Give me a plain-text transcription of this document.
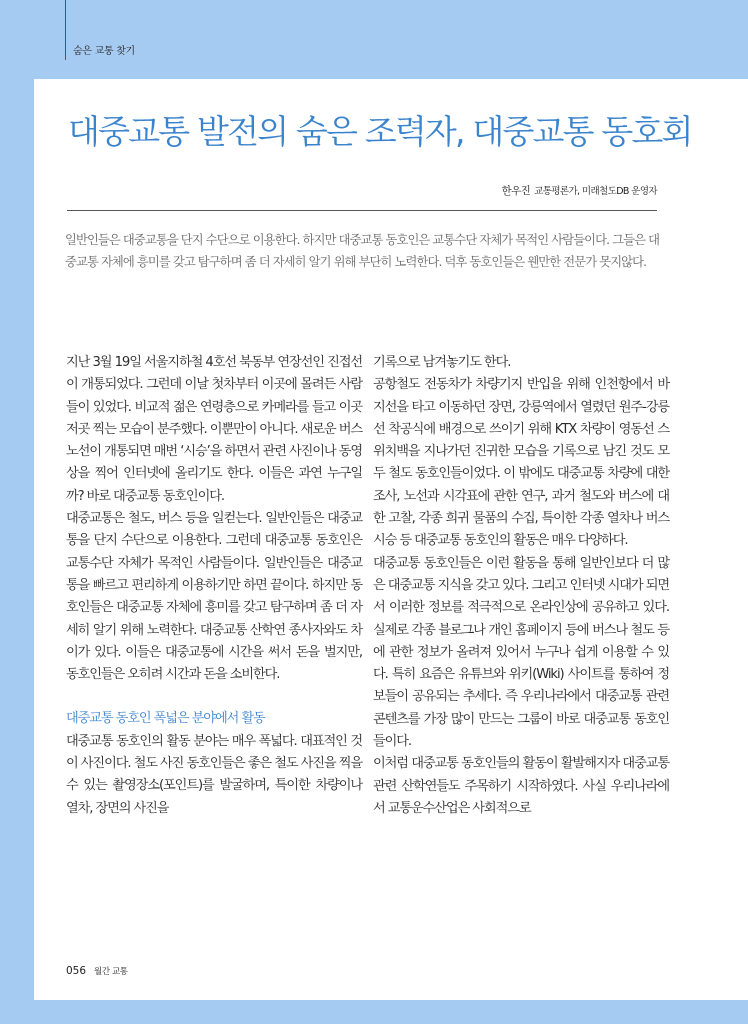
숨은 교통 찾기
대중교통 발전의 숨은 조력자, 대중교통 동호회
한우진 교통평론가, 미래철도DB 운영자

일반인들은 대중교통을 단지 수단으로 이용한다. 하지만 대중교통 동호인은 교통수단 자체가 목적인 사람들이다. 그들은 대중교통 자체에 흥미를 갖고 탐구하며 좀 더 자세히 알기 위해 부단히 노력한다. 덕후 동호인들은 웬만한 전문가 못지않다.

지난 3월 19일 서울지하철 4호선 북동부 연장선인 진접선이 개통되었다. 그런데 이날 첫차부터 이곳에 몰려든 사람들이 있었다. 비교적 젊은 연령층으로 카메라를 들고 이곳저곳 찍는 모습이 분주했다. 이뿐만이 아니다. 새로운 버스 노선이 개통되면 매번 ‘시승’을 하면서 관련 사진이나 동영상을 찍어 인터넷에 올리기도 한다. 이들은 과연 누구일까? 바로 대중교통 동호인이다.

대중교통은 철도, 버스 등을 일컫는다. 일반인들은 대중교통을 단지 수단으로 이용한다. 그런데 대중교통 동호인은 교통수단 자체가 목적인 사람들이다. 일반인들은 대중교통을 빠르고 편리하게 이용하기만 하면 끝이다. 하지만 동호인들은 대중교통 자체에 흥미를 갖고 탐구하며 좀 더 자세히 알기 위해 노력한다. 대중교통 산학연 종사자와도 차이가 있다. 이들은 대중교통에 시간을 써서 돈을 벌지만, 동호인들은 오히려 시간과 돈을 소비한다.

대중교통 동호인 폭넓은 분야에서 활동

대중교통 동호인의 활동 분야는 매우 폭넓다. 대표적인 것이 사진이다. 철도 사진 동호인들은 좋은 철도 사진을 찍을 수 있는 촬영장소(포인트)를 발굴하며, 특이한 차량이나 열차, 장면의 사진을

기록으로 남겨놓기도 한다.

공항철도 전동차가 차량기지 반입을 위해 인천항에서 바지선을 타고 이동하던 장면, 강릉역에서 열렸던 원주-강릉선 착공식에 배경으로 쓰이기 위해 KTX 차량이 영동선 스위치백을 지나가던 진귀한 모습을 기록으로 남긴 것도 모두 철도 동호인들이었다. 이 밖에도 대중교통 차량에 대한 조사, 노선과 시각표에 관한 연구, 과거 철도와 버스에 대한 고찰, 각종 희귀 물품의 수집, 특이한 각종 열차나 버스 시승 등 대중교통 동호인의 활동은 매우 다양하다.

대중교통 동호인들은 이런 활동을 통해 일반인보다 더 많은 대중교통 지식을 갖고 있다. 그리고 인터넷 시대가 되면서 이러한 정보를 적극적으로 온라인상에 공유하고 있다. 실제로 각종 블로그나 개인 홈페이지 등에 버스나 철도 등에 관한 정보가 올려져 있어서 누구나 쉽게 이용할 수 있다. 특히 요즘은 유튜브와 위키(Wiki) 사이트를 통하여 정보들이 공유되는 추세다. 즉 우리나라에서 대중교통 관련 콘텐츠를 가장 많이 만드는 그룹이 바로 대중교통 동호인들이다.

이처럼 대중교통 동호인들의 활동이 활발해지자 대중교통 관련 산학연들도 주목하기 시작하였다. 사실 우리나라에서 교통운수산업은 사회적으로

056 월간 교통
